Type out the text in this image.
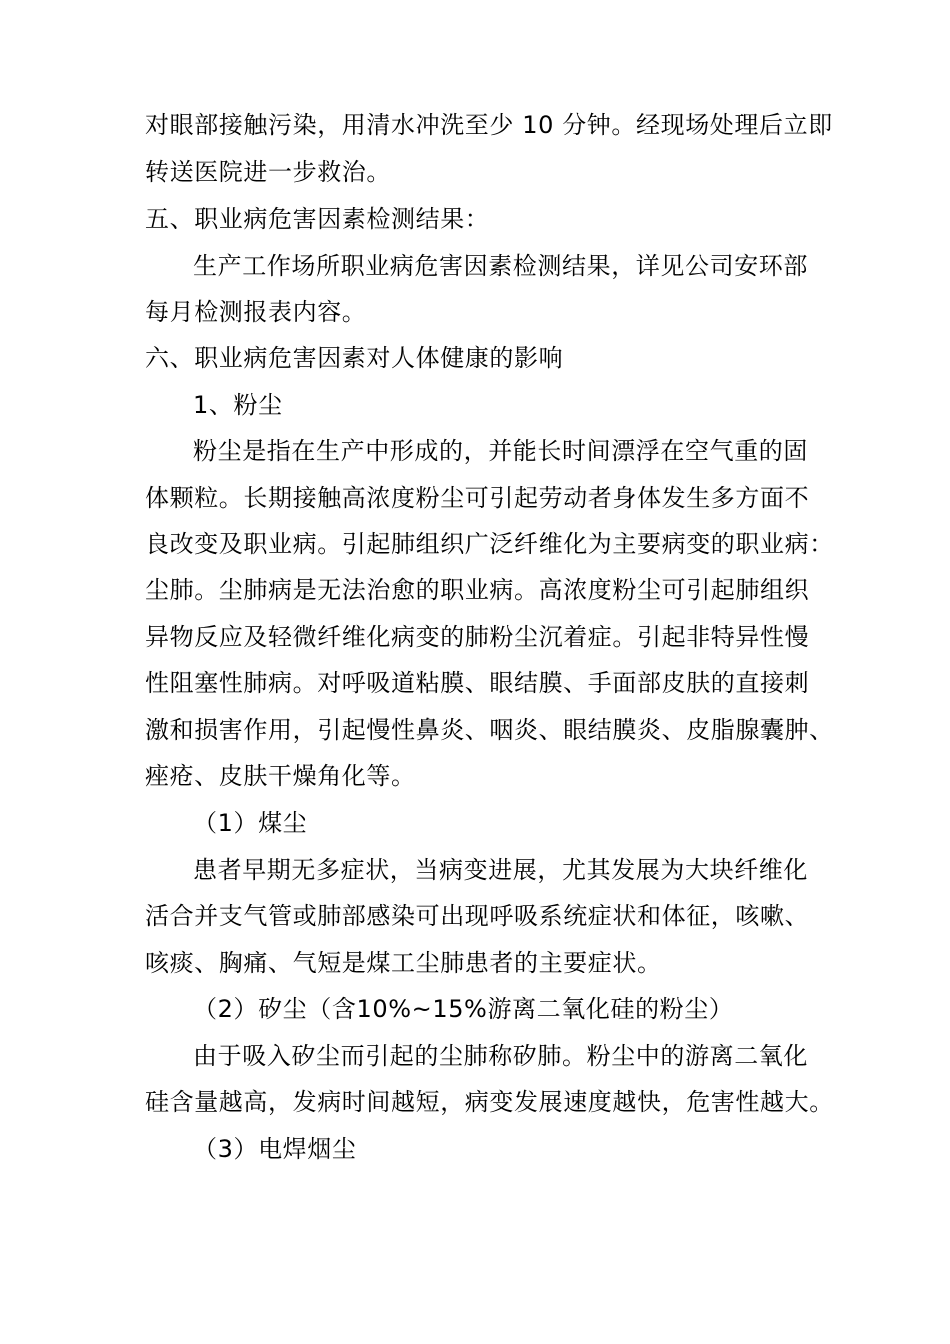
对眼部接触污染，用清水冲洗至少 10 分钟。经现场处理后立即
转送医院进一步救治。
五、职业病危害因素检测结果：
生产工作场所职业病危害因素检测结果，详见公司安环部
每月检测报表内容。
六、职业病危害因素对人体健康的影响
1、粉尘
粉尘是指在生产中形成的，并能长时间漂浮在空气重的固
体颗粒。长期接触高浓度粉尘可引起劳动者身体发生多方面不
良改变及职业病。引起肺组织广泛纤维化为主要病变的职业病：
尘肺。尘肺病是无法治愈的职业病。高浓度粉尘可引起肺组织
异物反应及轻微纤维化病变的肺粉尘沉着症。引起非特异性慢
性阻塞性肺病。对呼吸道粘膜、眼结膜、手面部皮肤的直接刺
激和损害作用，引起慢性鼻炎、咽炎、眼结膜炎、皮脂腺囊肿、
痤疮、皮肤干燥角化等。
（1）煤尘
患者早期无多症状，当病变进展，尤其发展为大块纤维化
活合并支气管或肺部感染可出现呼吸系统症状和体征，咳嗽、
咳痰、胸痛、气短是煤工尘肺患者的主要症状。
（2）矽尘（含10%~15%游离二氧化硅的粉尘）
由于吸入矽尘而引起的尘肺称矽肺。粉尘中的游离二氧化
硅含量越高，发病时间越短，病变发展速度越快，危害性越大。
（3）电焊烟尘
